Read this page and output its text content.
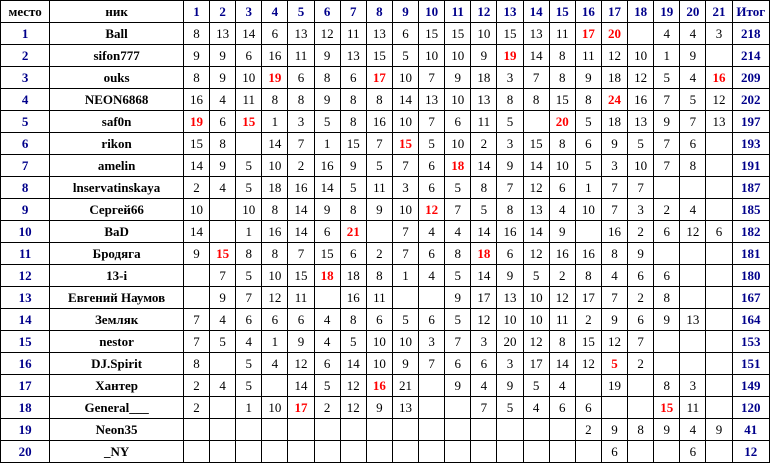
место	ник	1	2	3	4	5	6	7	8	9	10	11	12	13	14	15	16	17	18	19	20	21	Итог
1	Ball	8	13	14	6	13	12	11	13	6	15	15	10	15	13	11	17	20		4	4	3	218
2	sifon777	9	9	6	16	11	9	13	15	5	10	10	9	19	14	8	11	12	10	1	9		214
3	ouks	8	9	10	19	6	8	6	17	10	7	9	18	3	7	8	9	18	12	5	4	16	209
4	NEON6868	16	4	11	8	8	9	8	8	14	13	10	13	8	8	15	8	24	16	7	5	12	202
5	saf0n	19	6	15	1	3	5	8	16	10	7	6	11	5		20	5	18	13	9	7	13	197
6	rikon	15	8		14	7	1	15	7	15	5	10	2	3	15	8	6	9	5	7	6		193
7	amelin	14	9	5	10	2	16	9	5	7	6	18	14	9	14	10	5	3	10	7	8		191
8	lnservatinskaya	2	4	5	18	16	14	5	11	3	6	5	8	7	12	6	1	7	7				187
9	Сергей66	10		10	8	14	9	8	9	10	12	7	5	8	13	4	10	7	3	2	4		185
10	BaD	14		1	16	14	6	21		7	4	4	14	16	14	9		16	2	6	12	6	182
11	Бродяга	9	15	8	8	7	15	6	2	7	6	8	18	6	12	16	16	8	9				181
12	13-i		7	5	10	15	18	18	8	1	4	5	14	9	5	2	8	4	6	6			180
13	Евгений Наумов		9	7	12	11		16	11			9	17	13	10	12	17	7	2	8			167
14	Земляк	7	4	6	6	6	4	8	6	5	6	5	12	10	10	11	2	9	6	9	13		164
15	nestor	7	5	4	1	9	4	5	10	10	3	7	3	20	12	8	15	12	7				153
16	DJ.Spirit	8		5	4	12	6	14	10	9	7	6	6	3	17	14	12	5	2				151
17	Хантер	2	4	5		14	5	12	16	21		9	4	9	5	4		19		8	3		149
18	General___	2		1	10	17	2	12	9	13			7	5	4	6	6			15	11		120
19	Neon35																2	9	8	9	4	9	41
20	_NY																	6			6		12
